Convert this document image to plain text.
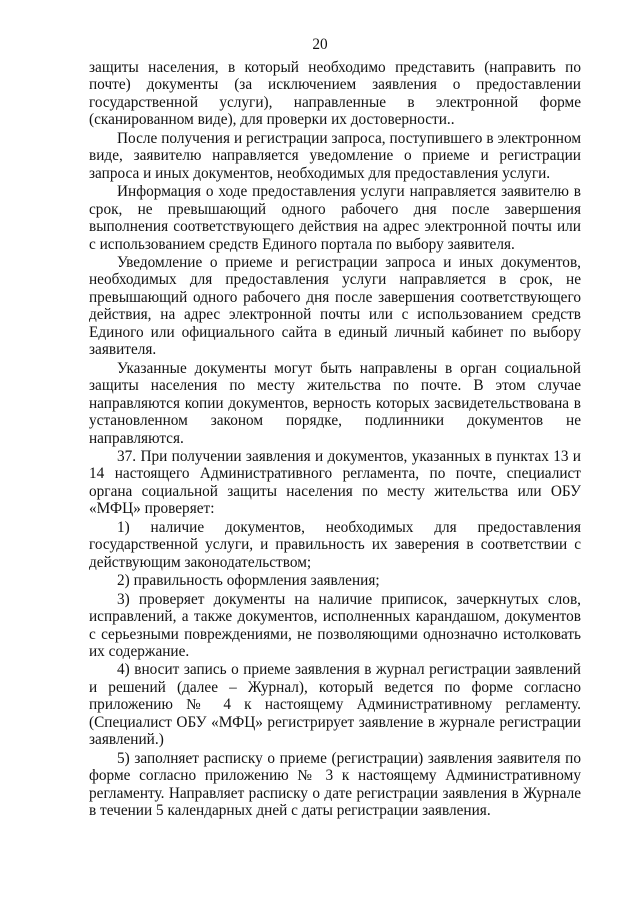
20

защиты населения, в который необходимо представить (направить по почте) документы (за исключением заявления о предоставлении государственной услуги), направленные в электронной форме (сканированном виде), для проверки их достоверности..

После получения и регистрации запроса, поступившего в электронном виде, заявителю направляется уведомление о приеме и регистрации запроса и иных документов, необходимых для предоставления услуги.

Информация о ходе предоставления услуги направляется заявителю в срок, не превышающий одного рабочего дня после завершения выполнения соответствующего действия на адрес электронной почты или с использованием средств Единого портала по выбору заявителя.

Уведомление о приеме и регистрации запроса и иных документов, необходимых для предоставления услуги направляется в срок, не превышающий одного рабочего дня после завершения соответствующего действия, на адрес электронной почты или с использованием средств Единого или официального сайта в единый личный кабинет по выбору заявителя.

Указанные документы могут быть направлены в орган социальной защиты населения по месту жительства по почте. В этом случае направляются копии документов, верность которых засвидетельствована в установленном законом порядке, подлинники документов не направляются.

37. При получении заявления и документов, указанных в пунктах 13 и 14 настоящего Административного регламента, по почте, специалист органа социальной защиты населения по месту жительства или ОБУ «МФЦ» проверяет:

1) наличие документов, необходимых для предоставления государственной услуги, и правильность их заверения в соответствии с действующим законодательством;

2) правильность оформления заявления;

3) проверяет документы на наличие приписок, зачеркнутых слов, исправлений, а также документов, исполненных карандашом, документов с серьезными повреждениями, не позволяющими однозначно истолковать их содержание.

4) вносит запись о приеме заявления в журнал регистрации заявлений и решений (далее – Журнал), который ведется по форме согласно приложению № 4 к настоящему Административному регламенту. (Специалист ОБУ «МФЦ» регистрирует заявление в журнале регистрации заявлений.)

5) заполняет расписку о приеме (регистрации) заявления заявителя по форме согласно приложению № 3 к настоящему Административному регламенту. Направляет расписку о дате регистрации заявления в Журнале в течении 5 календарных дней с даты регистрации заявления.
